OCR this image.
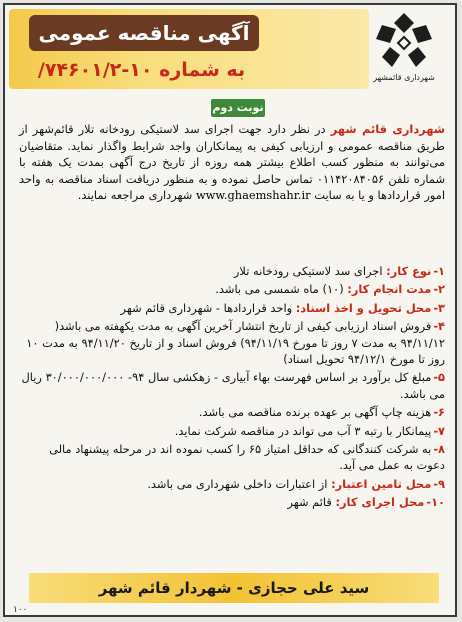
آگهی مناقصه عمومی
به شماره ۱۰-۷۴۶۰۱/۲/	شهرداری قائمشهر
نوبت دوم
شهرداری قائم شهر در نظر دارد جهت اجرای سد لاستیکی رودخانه تلار قائم‌شهر از طریق مناقصه عمومی و ارزیابی کیفی به پیمانکاران واجد شرایط واگذار نماید. متقاضیان می‌توانند به منظور کسب اطلاع بیشتر همه روزه از تاریخ درج آگهی بمدت یک هفته با شماره تلفن ۰۱۱۴۲۰۸۴۰۵۶ تماس حاصل نموده و به منظور دریافت اسناد مناقصه به واحد امور قراردادها و یا به سایت www.ghaemshahr.ir شهرداری مراجعه نمایند.
۱-نوع کار: اجرای سد لاستیکی رودخانه تلار
۲-مدت انجام کار: (۱۰) ماه شمسی می باشد.
۳-محل تحویل و اخذ اسناد: واحد قراردادها - شهرداری قائم شهر
۴-فروش اسناد ارزیابی کیفی از تاریخ انتشار آخرین آگهی به مدت یکهفته می باشد( ۹۴/۱۱/۱۲ به مدت ۷ روز تا مورخ ۹۴/۱۱/۱۹) فروش اسناد و از تاریخ ۹۴/۱۱/۲۰ به مدت ۱۰ روز تا مورخ ۹۴/۱۲/۱ تحویل اسناد)
۵-مبلغ کل برآورد بر اساس فهرست بهاء آبیاری - زهکشی سال ۹۴- ۳۰/۰۰۰/۰۰۰/۰۰۰ ریال می باشد.
۶-هزینه چاپ آگهی بر عهده برنده مناقصه می باشد.
۷-پیمانکار با رتبه ۳ آب می تواند در مناقصه شرکت نماید.
۸-به شرکت کنندگانی که حداقل امتیاز ۶۵ را کسب نموده اند در مرحله پیشنهاد مالی دعوت به عمل می آید.
۹-محل تامین اعتبار: از اعتبارات داخلی شهرداری می باشد.
۱۰-محل اجرای کار: قائم شهر
سید علی حجازی - شهردار قائم شهر
۱۰۰
